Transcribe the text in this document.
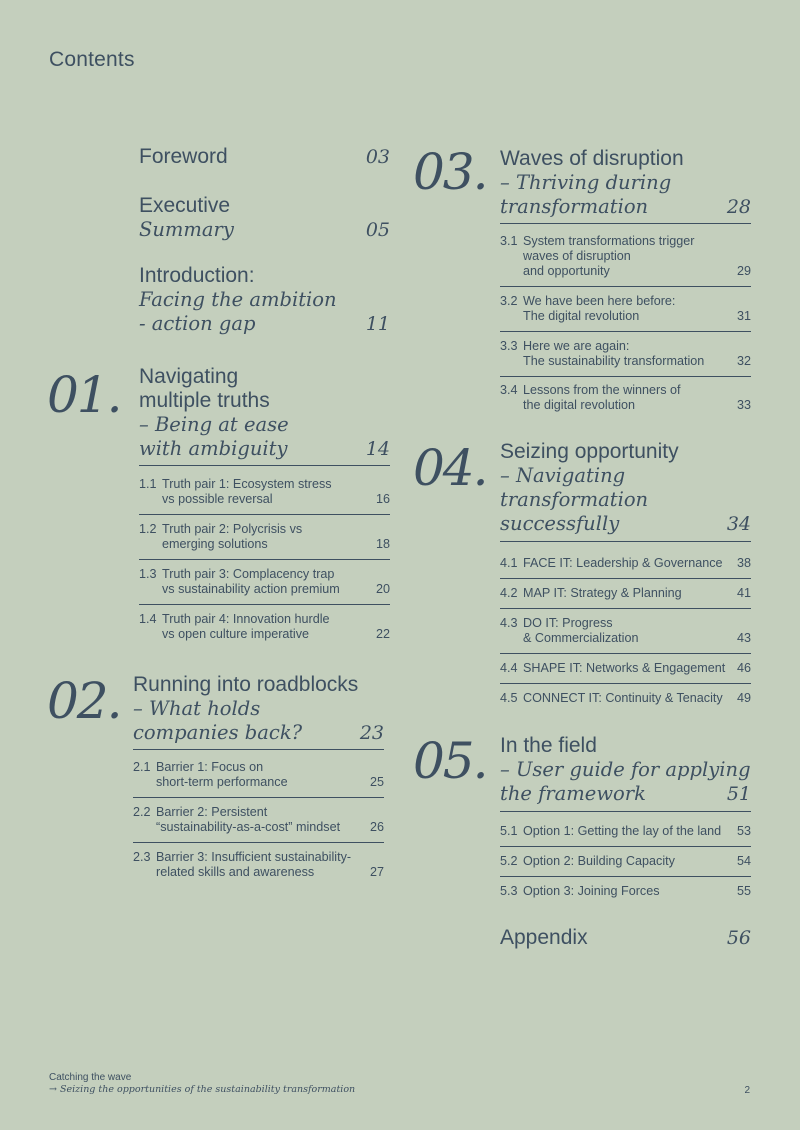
Contents
Foreword	03
Executive
Summary	05
Introduction:
Facing the ambition
- action gap	11
01. Navigating
multiple truths
– Being at ease
with ambiguity	14
1.1 Truth pair 1: Ecosystem stress
vs possible reversal	16
1.2 Truth pair 2: Polycrisis vs
emerging solutions	18
1.3 Truth pair 3: Complacency trap
vs sustainability action premium	20
1.4 Truth pair 4: Innovation hurdle
vs open culture imperative	22
02. Running into roadblocks
– What holds
companies back?	23
2.1 Barrier 1: Focus on
short-term performance	25
2.2 Barrier 2: Persistent
“sustainability-as-a-cost” mindset	26
2.3 Barrier 3: Insufficient sustainability-
related skills and awareness	27
03. Waves of disruption
– Thriving during
transformation	28
3.1 System transformations trigger
waves of disruption
and opportunity	29
3.2 We have been here before:
The digital revolution	31
3.3 Here we are again:
The sustainability transformation	32
3.4 Lessons from the winners of
the digital revolution	33
04. Seizing opportunity
– Navigating
transformation
successfully	34
4.1 FACE IT: Leadership & Governance	38
4.2 MAP IT: Strategy & Planning	41
4.3 DO IT: Progress
& Commercialization	43
4.4 SHAPE IT: Networks & Engagement 46
4.5 CONNECT IT: Continuity & Tenacity	49
05. In the field
– User guide for applying
the framework	51
5.1 Option 1: Getting the lay of the land	53
5.2 Option 2: Building Capacity	54
5.3 Option 3: Joining Forces	55
Appendix	56
Catching the wave
→ Seizing the opportunities of the sustainability transformation	2
